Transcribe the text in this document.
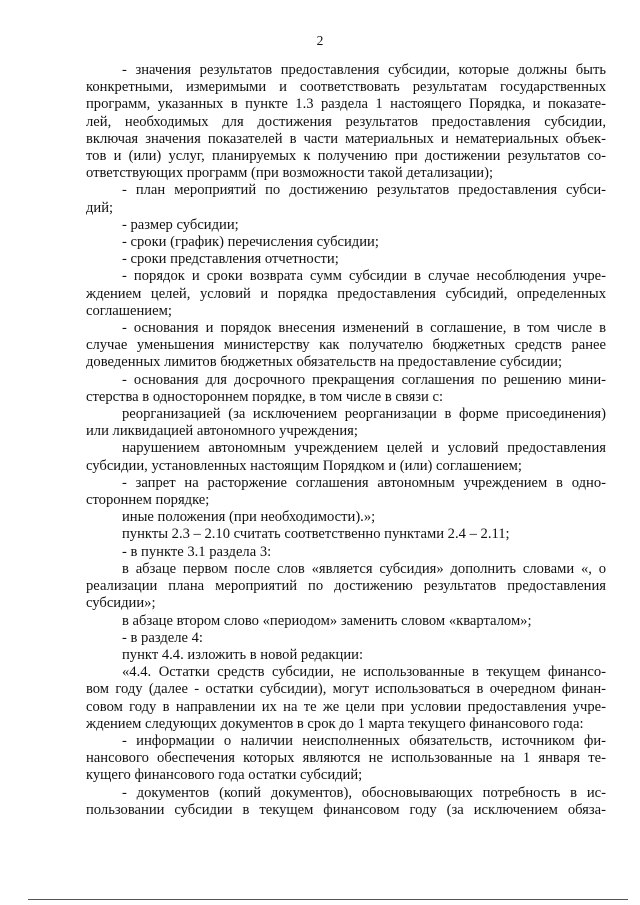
2
- значения результатов предоставления субсидии, которые должны быть
конкретными, измеримыми и соответствовать результатам государственных
программ, указанных в пункте 1.3 раздела 1 настоящего Порядка, и показате-
лей, необходимых для достижения результатов предоставления субсидии,
включая значения показателей в части материальных и нематериальных объек-
тов и (или) услуг, планируемых к получению при достижении результатов со-
ответствующих программ (при возможности такой детализации);
- план мероприятий по достижению результатов предоставления субси-
дий;
- размер субсидии;
- сроки (график) перечисления субсидии;
- сроки представления отчетности;
- порядок и сроки возврата сумм субсидии в случае несоблюдения учре-
ждением целей, условий и порядка предоставления субсидий, определенных
соглашением;
- основания и порядок внесения изменений в соглашение, в том числе в
случае уменьшения министерству как получателю бюджетных средств ранее
доведенных лимитов бюджетных обязательств на предоставление субсидии;
- основания для досрочного прекращения соглашения по решению мини-
стерства в одностороннем порядке, в том числе в связи с:
реорганизацией (за исключением реорганизации в форме присоединения)
или ликвидацией автономного учреждения;
нарушением автономным учреждением целей и условий предоставления
субсидии, установленных настоящим Порядком и (или) соглашением;
- запрет на расторжение соглашения автономным учреждением в одно-
стороннем порядке;
иные положения (при необходимости).»;
пункты 2.3 – 2.10 считать соответственно пунктами 2.4 – 2.11;
- в пункте 3.1 раздела 3:
в абзаце первом после слов «является субсидия» дополнить словами «, о
реализации плана мероприятий по достижению результатов предоставления
субсидии»;
в абзаце втором слово «периодом» заменить словом «кварталом»;
- в разделе 4:
пункт 4.4. изложить в новой редакции:
«4.4. Остатки средств субсидии, не использованные в текущем финансо-
вом году (далее - остатки субсидии), могут использоваться в очередном финан-
совом году в направлении их на те же цели при условии предоставления учре-
ждением следующих документов в срок до 1 марта текущего финансового года:
- информации о наличии неисполненных обязательств, источником фи-
нансового обеспечения которых являются не использованные на 1 января те-
кущего финансового года остатки субсидий;
- документов (копий документов), обосновывающих потребность в ис-
пользовании субсидии в текущем финансовом году (за исключением обяза-
